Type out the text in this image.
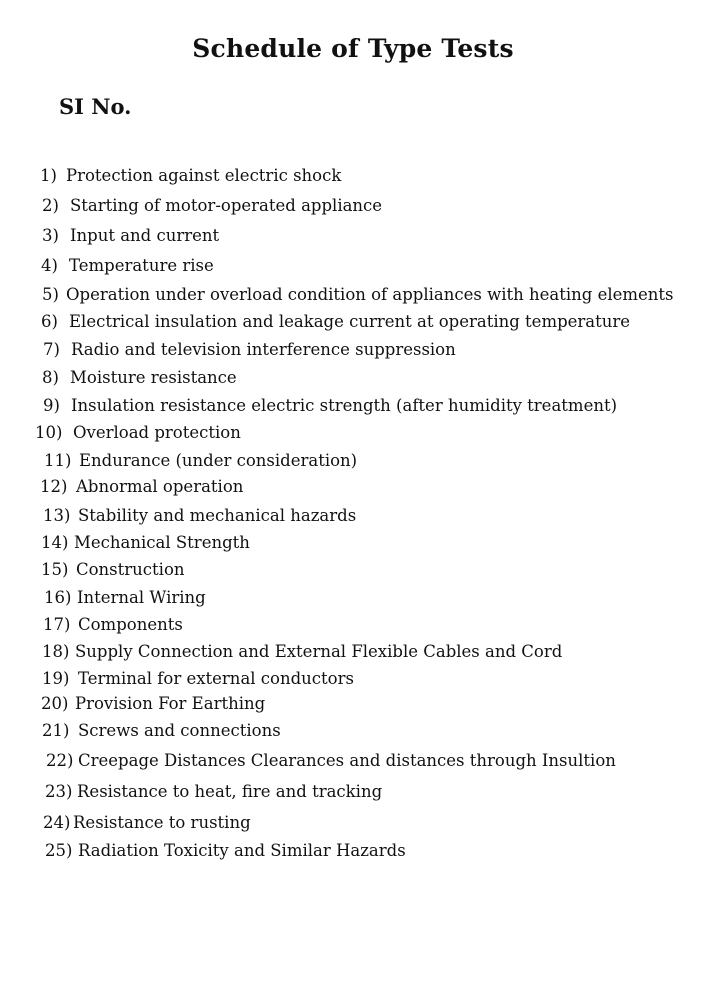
Schedule of Type Tests
SI No.
1) Protection against electric shock
2) Starting of motor-operated appliance
3) Input and current
4) Temperature rise
5) Operation under overload condition of appliances with heating elements
6) Electrical insulation and leakage current at operating temperature
7) Radio and television interference suppression
8) Moisture resistance
9) Insulation resistance electric strength (after humidity treatment)
10) Overload protection
11) Endurance (under consideration)
12) Abnormal operation
13) Stability and mechanical hazards
14) Mechanical Strength
15) Construction
16) Internal Wiring
17) Components
18) Supply Connection and External Flexible Cables and Cord
19) Terminal for external conductors
20) Provision For Earthing
21) Screws and connections
22) Creepage Distances Clearances and distances through Insultion
23) Resistance to heat, fire and tracking
24) Resistance to rusting
25) Radiation Toxicity and Similar Hazards
